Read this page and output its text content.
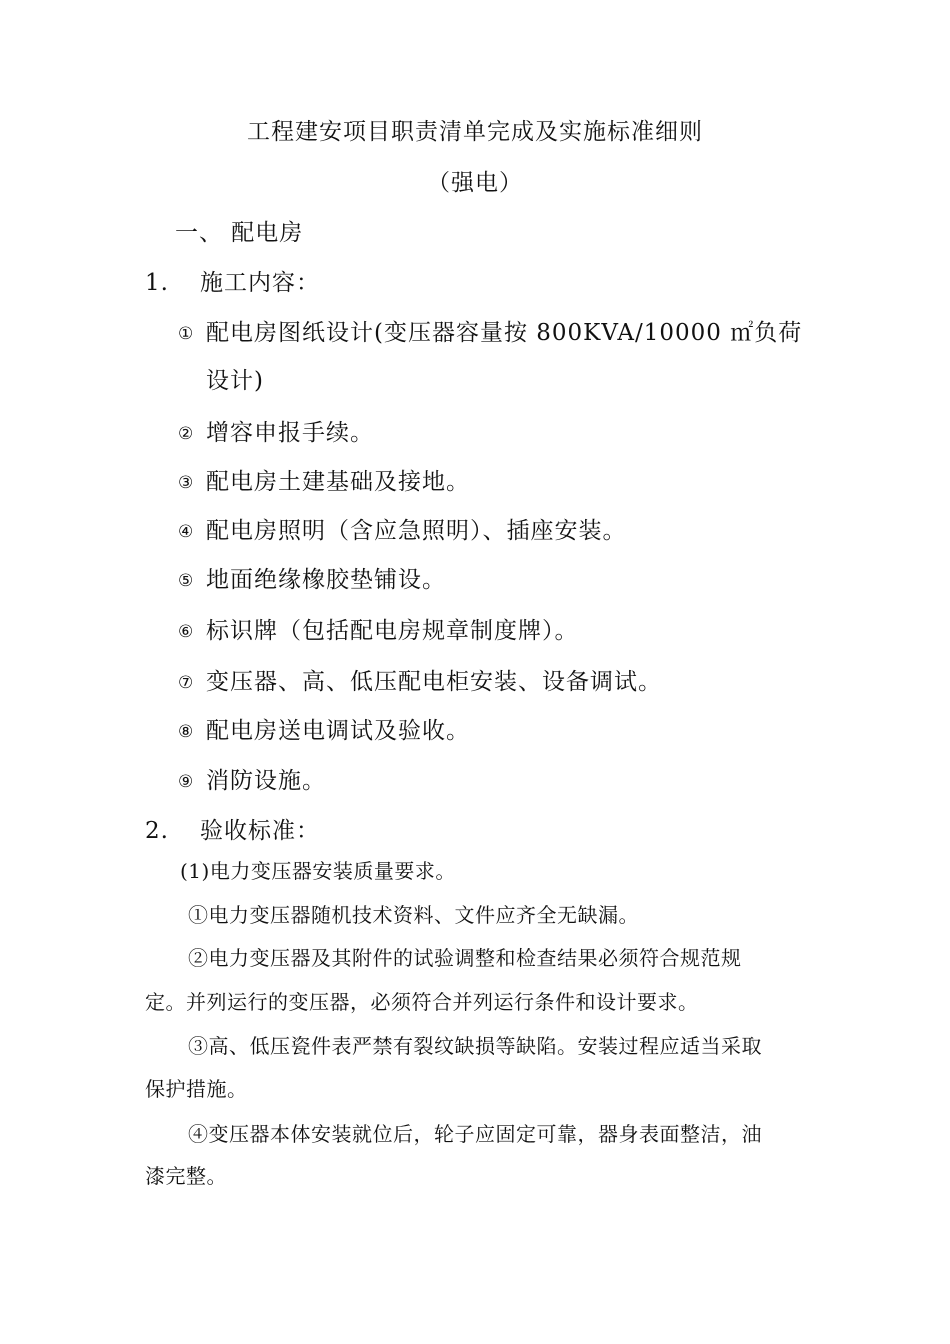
工程建安项目职责清单完成及实施标准细则
（强电）
一、 配电房
1. 施工内容：
① 配电房图纸设计(变压器容量按 800KVA/10000 ㎡负荷
设计)
② 增容申报手续。
③ 配电房土建基础及接地。
④ 配电房照明（含应急照明）、插座安装。
⑤ 地面绝缘橡胶垫铺设。
⑥ 标识牌（包括配电房规章制度牌）。
⑦ 变压器、高、低压配电柜安装、设备调试。
⑧ 配电房送电调试及验收。
⑨ 消防设施。
2. 验收标准：
(1)电力变压器安装质量要求。
①电力变压器随机技术资料、文件应齐全无缺漏。
②电力变压器及其附件的试验调整和检查结果必须符合规范规
定。并列运行的变压器，必须符合并列运行条件和设计要求。
③高、低压瓷件表严禁有裂纹缺损等缺陷。安装过程应适当采取
保护措施。
④变压器本体安装就位后，轮子应固定可靠，器身表面整洁，油
漆完整。
